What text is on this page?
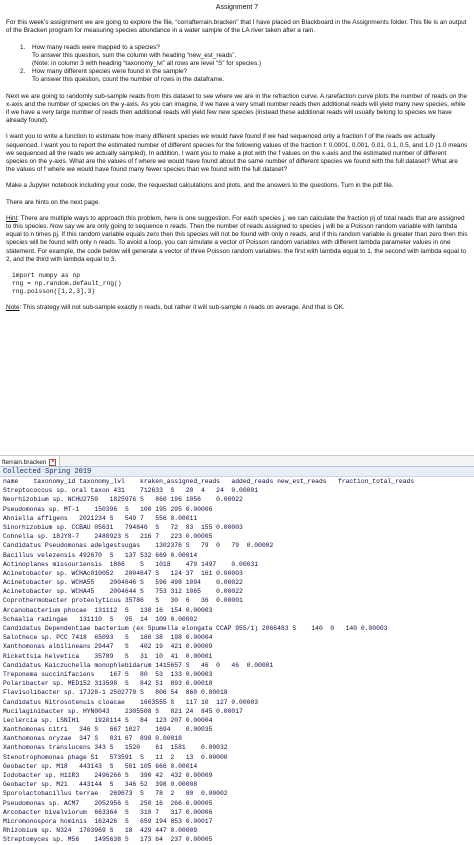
Assignment 7

For this week’s assignment we are going to explore the file, “corrafterrain.bracken” that I have placed on Blackboard in the Assignments folder. This file is an output of the Bracken program for measuring species abundance in a water sample of the LA river taken after a rain.

1.	How many reads were mapped to a species?
To answer this question, sum the column with heading “new_est_reads”.
(Note: in column 3 with heading “taxonomy_lvl” all rows are level “S” for species.)
2.	How many different species were found in the sample?
To answer this question, count the number of rows in the dataframe.

Next we are going to randomly sub-sample reads from this dataset to see where we are in the refraction curve. A rarefaction curve plots the number of reads on the x-axis and the number of species on the y-axis. As you can imagine, if we have a very small number reads then additional reads will yield many new species, while if we have a very large number of reads then additional reads will yield few new species (instead these additional reads will usually belong to species we have already found).

I want you to write a function to estimate how many different species we would have found if we had sequenced only a fraction f of the reads we actually sequenced. I want you to report the estimated number of different species for the following values of the fraction f: 0.0001, 0.001, 0.01, 0.1, 0.5, and 1.0 (1.0 means we sequenced all the reads we actually sampled). In addition, I want you to make a plot with the f values on the x-axis and the estimated number of different species on the y-axis. What are the values of f where we would have found about the same number of different species we found with the full dataset? What are the values of f where we would have found many fewer species than we found with the full dataset?

Make a Jupyter notebook including your code, the requested calculations and plots, and the answers to the questions. Turn in the pdf file.

There are hints on the next page.

Hint: There are multiple ways to approach this problem, here is one suggestion. For each species j, we can calculate the fraction pj of total reads that are assigned to this species. Now say we are only going to sequence n reads. Then the number of reads assigned to species j will be a Poisson random variable with lambda equal to n times pj. If this random variable equals zero then this species will not be found with only n reads, and if this random variable is greater than zero then this species will be found with only n reads. To avoid a loop, you can simulate a vector of Poisson random variables with different lambda parameter values in one statement. For example, the code below will generate a vector of three Poisson random variables: the first with lambda equal to 1, the second with lambda equal to 2, and the third with lambda equal to 3.

import numpy as np
rng = np.random.default_rng()
rng.poisson([1,2,3],3)

Note: This strategy will not sub-sample exactly n reads, but rather it will sub-sample n reads on average. And that is OK.

fterrain.bracken ✕
Collected Spring 2019
name    taxonomy_id taxonomy_lvl    kraken_assigned_reads   added_reads new_est_reads   fraction_total_reads
Streptococcus sp. oral taxon 431    712633  S   20  4   24  0.00001
Neorhizobium sp. NCHU2750   1825976 S   860 196 1056    0.00022
Pseudomonas sp. MT-1    150396  S   100 195 295 0.00006
Ahniella affigens   2021234 S   549 7   556 0.00011
Sinorhizobium sp. CCBAU 05631   794846  S   72  83  155 0.00003
Cohnella sp. 18JY8-7    2480923 S   216 7   223 0.00005
Candidatus Pseudomonas adelgestsugas    1302376 S   79  0   79  0.00002
Bacillus velezensis 492670  S   137 532 669 0.00014
Actinoplanes missouriensis  1866    S   1018    479 1497    0.00031
Acinetobacter sp. WCHAc010052   2004647 S   124 37  161 0.00003
Acinetobacter sp. WCHA55    2004646 S   596 498 1094    0.00022
Acinetobacter sp. WCHA45    2004644 S   753 312 1065    0.00022
Coprothermobacter proteolyticus 35786   S   30  6   36  0.00001
Arcanobacterium phocae  131112  S   138 16  154 0.00003
Schaalia radingae   131110  S   95  14  109 0.00002
Candidatus Dependentiae bacterium (ex Spumella elongata CCAP 955/1) 2066483 S    140  0   140 0.00003
Salothece sp. PCC 7418  65093   S   160 38  198 0.00004
Xanthomonas albilineans 29447   S   402 19  421 0.00009
Rickettsia helvetica    35789   S   31  10  41  0.00001
Candidatus Kaiczuchella monophlebidarum 1415657 S   46  0   46  0.00001
Treponema succinifaciens    167 S   80  53  133 0.00003
Polaribacter sp. MED152 313598  S   842 51  893 0.00018
Flavisolibacter sp. 17J28-1 2502779 S   806 54  860 0.00018
Candidatus Nitrosotenuis cloacae    1603555 S   117 10  127 0.00003
Mucilaginibacter sp. HYN0043    2305508 S   821 24  845 0.00017
Leclercia sp. LSNIH1    1920114 S   84  123 207 0.00004
Xanthomonas citri   346 S   667 1027    1694    0.00035
Xanthomonas oryzae  347 S   831 67  898 0.00018
Xanthomonas translucens 343 S   1520    61  1581    0.00032
Stenotrophomonas phage S1   573591  S   11  2   13  0.00000
Geobacter sp. M18   443143  S   561 105 666 0.00014
Iodobacter sp. H11R3    2496266 S   390 42  432 0.00009
Geobacter sp. M21   443144  S   346 52  398 0.00008
Sporolactobacillus terrae   269673  S   78  2   80  0.00002
Pseudomonas sp. ACM7    2052956 S   250 16  266 0.00005
Arcobacter bivalviorum  663364  S   310 7   317 0.00006
Micromonospora hominis  162426  S   659 194 853 0.00017
Rhizobium sp. N324  1703969 S   18  429 447 0.00009
Streptomyces sp. M56    1495638 S   173 64  237 0.00005
